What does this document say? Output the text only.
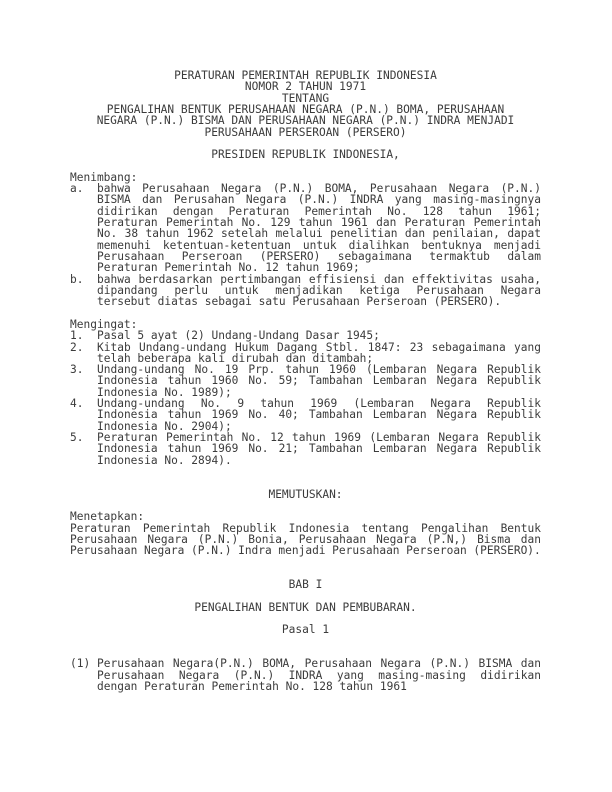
PERATURAN PEMERINTAH REPUBLIK INDONESIA
NOMOR 2 TAHUN 1971
TENTANG
PENGALIHAN BENTUK PERUSAHAAN NEGARA (P.N.) BOMA, PERUSAHAAN
NEGARA (P.N.) BISMA DAN PERUSAHAAN NEGARA (P.N.) INDRA MENJADI
PERUSAHAAN PERSEROAN (PERSERO)
PRESIDEN REPUBLIK INDONESIA,
Menimbang:
a.	bahwa Perusahaan Negara (P.N.) BOMA, Perusahaan Negara (P.N.) BISMA dan Perusahan Negara (P.N.) INDRA yang masing-masingnya didirikan dengan Peraturan Pemerintah No. 128 tahun 1961; Peraturan Pemerintah No. 129 tahun 1961 dan Peraturan Pemerintah No. 38 tahun 1962 setelah melalui penelitian dan penilaian, dapat memenuhi ketentuan-ketentuan untuk dialihkan bentuknya menjadi Perusahaan Perseroan (PERSERO) sebagaimana termaktub dalam Peraturan Pemerintah No. 12 tahun 1969;
b.	bahwa berdasarkan pertimbangan effisiensi dan effektivitas usaha, dipandang perlu untuk menjadikan ketiga Perusahaan Negara tersebut diatas sebagai satu Perusahaan Perseroan (PERSERO).
Mengingat:
1.	Pasal 5 ayat (2) Undang-Undang Dasar 1945;
2.	Kitab Undang-undang Hukum Dagang Stbl. 1847: 23 sebagaimana yang telah beberapa kali dirubah dan ditambah;
3.	Undang-undang No. 19 Prp. tahun 1960 (Lembaran Negara Republik Indonesia tahun 1960 No. 59; Tambahan Lembaran Negara Republik Indonesia No. 1989);
4.	Undang-undang No. 9 tahun 1969 (Lembaran Negara Republik Indonesia tahun 1969 No. 40; Tambahan Lembaran Negara Republik Indonesia No. 2904);
5.	Peraturan Pemerintah No. 12 tahun 1969 (Lembaran Negara Republik Indonesia tahun 1969 No. 21; Tambahan Lembaran Negara Republik Indonesia No. 2894).
MEMUTUSKAN:
Menetapkan:
Peraturan Pemerintah Republik Indonesia tentang Pengalihan Bentuk Perusahaan Negara (P.N.) Bonia, Perusahaan Negara (P.N,) Bisma dan Perusahaan Negara (P.N.) Indra menjadi Perusahaan Perseroan (PERSERO).
BAB I
PENGALIHAN BENTUK DAN PEMBUBARAN.
Pasal 1
(1) Perusahaan Negara(P.N.) BOMA, Perusahaan Negara (P.N.) BISMA dan Perusahaan Negara (P.N.) INDRA yang masing-masing didirikan dengan Peraturan Pemerintah No. 128 tahun 1961
